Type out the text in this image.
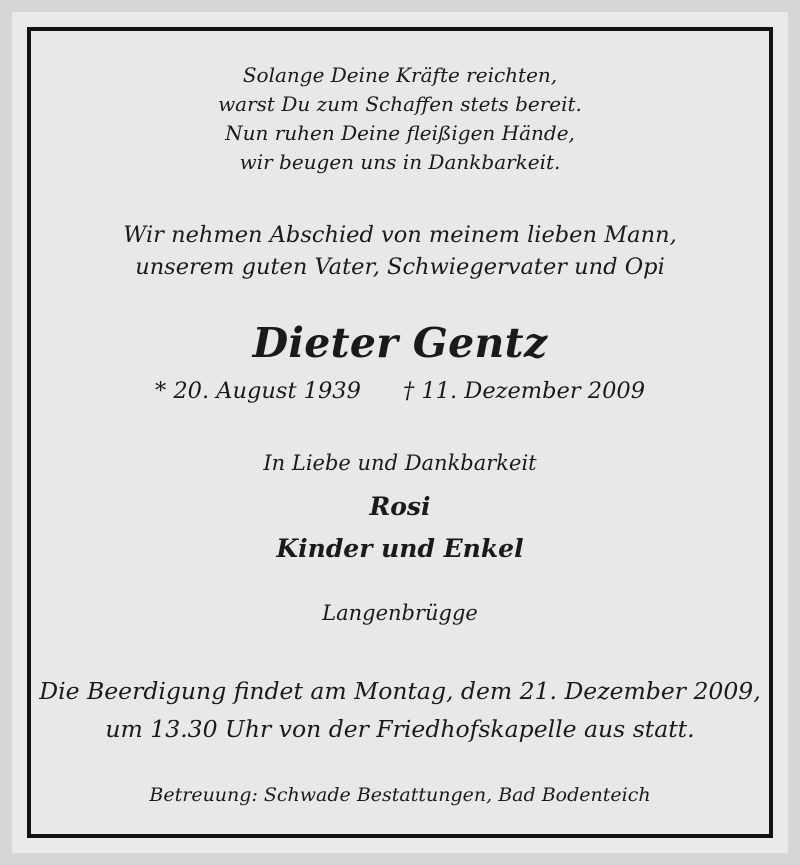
Solange Deine Kräfte reichten,
warst Du zum Schaffen stets bereit.
Nun ruhen Deine fleißigen Hände,
wir beugen uns in Dankbarkeit.
Wir nehmen Abschied von meinem lieben Mann,
unserem guten Vater, Schwiegervater und Opi
Dieter Gentz
* 20. August 1939 † 11. Dezember 2009
In Liebe und Dankbarkeit
Rosi
Kinder und Enkel
Langenbrügge
Die Beerdigung findet am Montag, dem 21. Dezember 2009,
um 13.30 Uhr von der Friedhofskapelle aus statt.
Betreuung: Schwade Bestattungen, Bad Bodenteich
